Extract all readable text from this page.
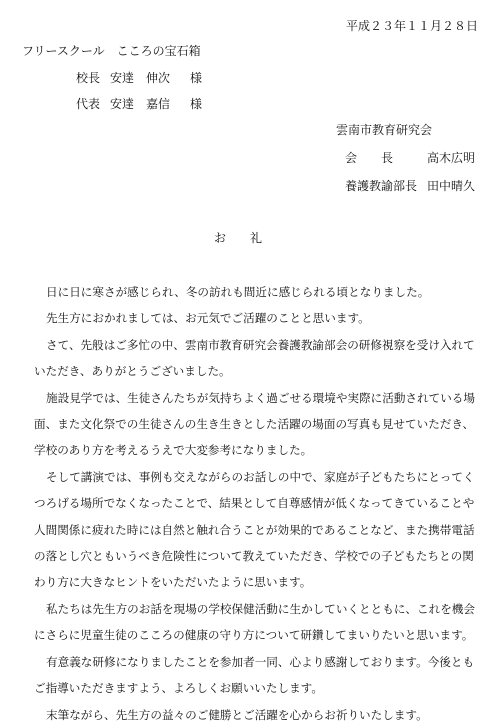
平成２３年１１月２８日
フリースクール　こころの宝石箱
校長 安達　伸次 様
代表 安達　嘉信 様
雲南市教育研究会
会　　長	高木広明
養護教諭部長 田中晴久
お礼

日に日に寒さが感じられ、冬の訪れも間近に感じられる頃となりました。

先生方におかれましては、お元気でご活躍のことと思います。

さて、先般はご多忙の中、雲南市教育研究会養護教諭部会の研修視察を受け入れていただき、ありがとうございました。

施設見学では、生徒さんたちが気持ちよく過ごせる環境や実際に活動されている場面、また文化祭での生徒さんの生き生きとした活躍の場面の写真も見せていただき、学校のあり方を考えるうえで大変参考になりました。

そして講演では、事例も交えながらのお話しの中で、家庭が子どもたちにとってくつろげる場所でなくなったことで、結果として自尊感情が低くなってきていることや人間関係に疲れた時には自然と触れ合うことが効果的であることなど、また携帯電話の落とし穴ともいうべき危険性について教えていただき、学校での子どもたちとの関わり方に大きなヒントをいただいたように思います。

私たちは先生方のお話を現場の学校保健活動に生かしていくとともに、これを機会にさらに児童生徒のこころの健康の守り方について研鑽してまいりたいと思います。

有意義な研修になりましたことを参加者一同、心より感謝しております。今後ともご指導いただきますよう、よろしくお願いいたします。

末筆ながら、先生方の益々のご健勝とご活躍を心からお祈りいたします。
